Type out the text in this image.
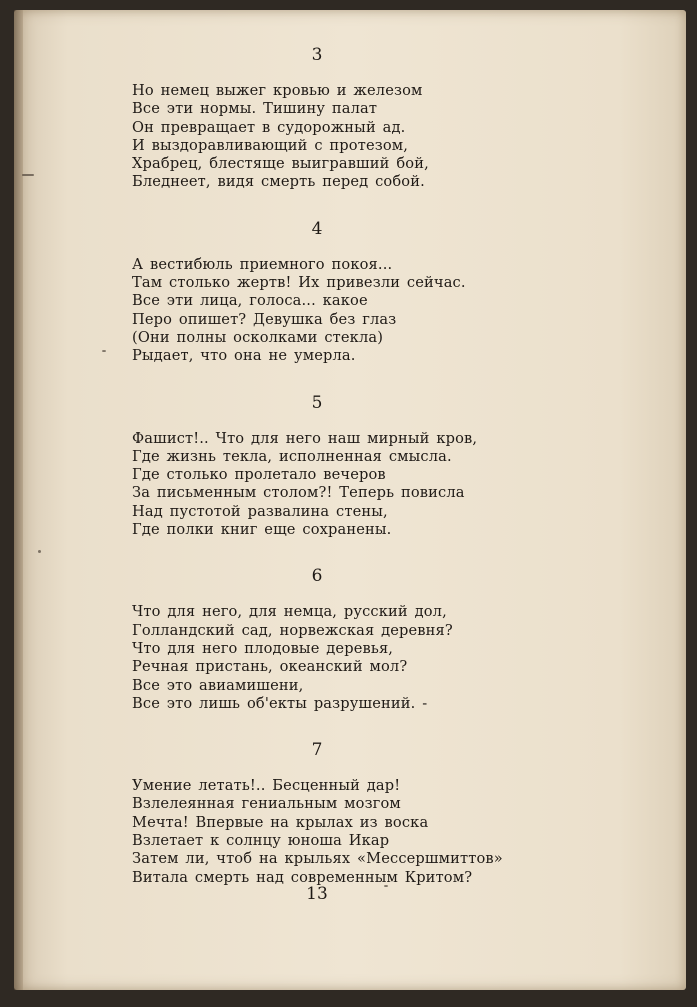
3

Но немец выжег кровью и железом
Все эти нормы. Тишину палат
Он превращает в судорожный ад.
И выздоравливающий с протезом,
Храбрец, блестяще выигравший бой,
Бледнеет, видя смерть перед собой.

4

А вестибюль приемного покоя...
Там столько жертв! Их привезли сейчас.
Все эти лица, голоса... какое
Перо опишет? Девушка без глаз
(Они полны осколками стекла)
Рыдает, что она не умерла.

5

Фашист!.. Что для него наш мирный кров,
Где жизнь текла, исполненная смысла.
Где столько пролетало вечеров
За письменным столом?! Теперь повисла
Над пустотой развалина стены,
Где полки книг еще сохранены.

6

Что для него, для немца, русский дол,
Голландский сад, норвежская деревня?
Что для него плодовые деревья,
Речная пристань, океанский мол?
Все это авиамишени,
Все это лишь об'екты разрушений. -

7

Умение летать!.. Бесценный дар!
Взлелеянная гениальным мозгом
Мечта! Впервые на крылах из воска
Взлетает к солнцу юноша Икар
Затем ли, чтоб на крыльях «Мессершмиттов»
Витала смерть над современным Критом?
13
